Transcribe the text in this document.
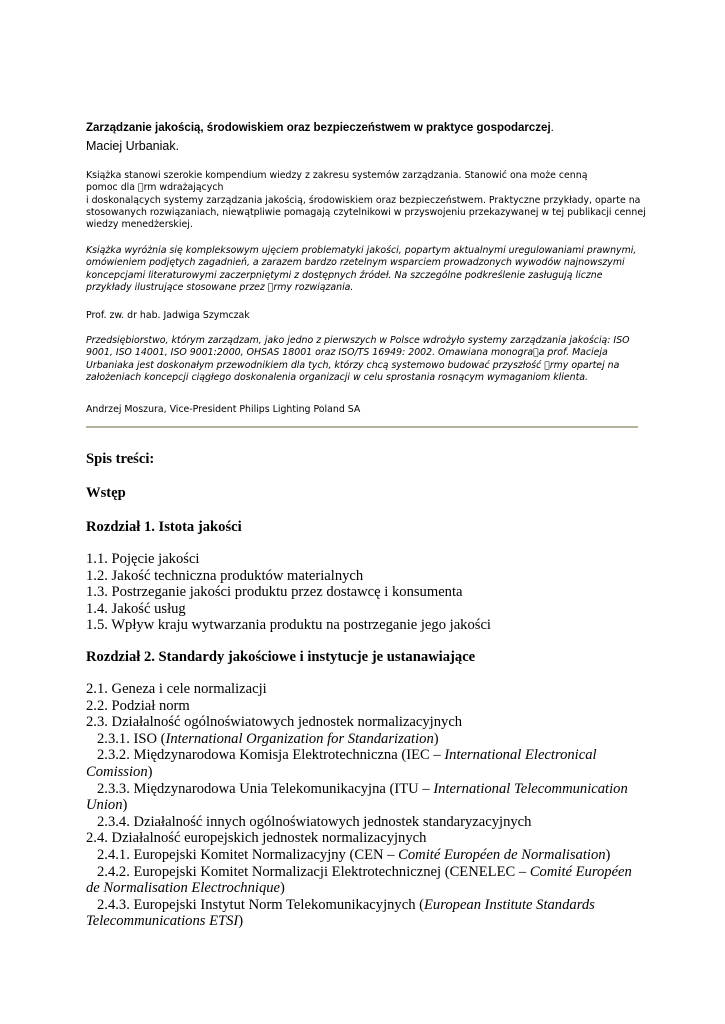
Zarządzanie jakością, środowiskiem oraz bezpieczeństwem w praktyce gospodarczej.
Maciej Urbaniak.
Książka stanowi szerokie kompendium wiedzy z zakresu systemów zarządzania. Stanowić ona może cenną
pomoc dla  rm wdrażających
i doskonalących systemy zarządzania jakością, środowiskiem oraz bezpieczeństwem. Praktyczne przykłady, oparte na stosowanych rozwiązaniach, niewątpliwie pomagają czytelnikowi w przyswojeniu przekazywanej w tej publikacji cennej wiedzy menedżerskiej.
Książka wyróżnia się kompleksowym ujęciem problematyki jakości, popartym aktualnymi uregulowaniami prawnymi, omówieniem podjętych zagadnień, a zarazem bardzo rzetelnym wsparciem prowadzonych wywodów najnowszymi koncepcjami literaturowymi zaczerpniętymi z dostępnych źródeł. Na szczególne podkreślenie zasługują liczne przykłady ilustrujące stosowane przez  rmy rozwiązania.
Prof. zw. dr hab. Jadwiga Szymczak
Przedsiębiorstwo, którym zarządzam, jako jedno z pierwszych w Polsce wdrożyło systemy zarządzania jakością: ISO 9001, ISO 14001, ISO 9001:2000, OHSAS 18001 oraz ISO/TS 16949: 2002. Omawiana monogra a prof. Macieja Urbaniaka jest doskonałym przewodnikiem dla tych, którzy chcą systemowo budować przyszłość  rmy opartej na założeniach koncepcji ciągłego doskonalenia organizacji w celu sprostania rosnącym wymaganiom klienta.
Andrzej Moszura, Vice-President Philips Lighting Poland SA
Spis treści:
Wstęp
Rozdział 1. Istota jakości
1.1. Pojęcie jakości
1.2. Jakość techniczna produktów materialnych
1.3. Postrzeganie jakości produktu przez dostawcę i konsumenta
1.4. Jakość usług
1.5. Wpływ kraju wytwarzania produktu na postrzeganie jego jakości
Rozdział 2. Standardy jakościowe i instytucje je ustanawiające
2.1. Geneza i cele normalizacji
2.2. Podział norm
2.3. Działalność ogólnoświatowych jednostek normalizacyjnych
2.3.1. ISO (International Organization for Standarization)
2.3.2. Międzynarodowa Komisja Elektrotechniczna (IEC – International Electronical Comission)
2.3.3. Międzynarodowa Unia Telekomunikacyjna (ITU – International Telecommunication Union)
2.3.4. Działalność innych ogólnoświatowych jednostek standaryzacyjnych
2.4. Działalność europejskich jednostek normalizacyjnych
2.4.1. Europejski Komitet Normalizacyjny (CEN – Comité Européen de Normalisation)
2.4.2. Europejski Komitet Normalizacji Elektrotechnicznej (CENELEC – Comité Européen de Normalisation Electrochnique)
2.4.3. Europejski Instytut Norm Telekomunikacyjnych (European Institute Standards Telecommunications ETSI)
